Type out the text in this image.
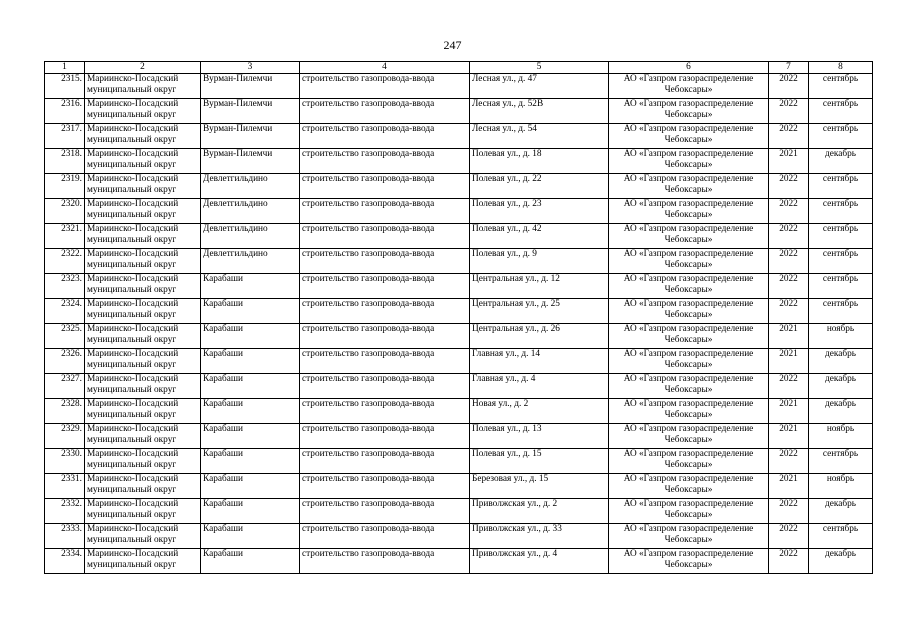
247
1	2	3	4	5	6	7	8
2315.	Мариинско-Посадский муниципальный округ	Вурман-Пилемчи	строительство газопровода-ввода	Лесная ул., д. 47	АО «Газпром газораспределение Чебоксары»	2022	сентябрь
2316.	Мариинско-Посадский муниципальный округ	Вурман-Пилемчи	строительство газопровода-ввода	Лесная ул., д. 52В	АО «Газпром газораспределение Чебоксары»	2022	сентябрь
2317.	Мариинско-Посадский муниципальный округ	Вурман-Пилемчи	строительство газопровода-ввода	Лесная ул., д. 54	АО «Газпром газораспределение Чебоксары»	2022	сентябрь
2318.	Мариинско-Посадский муниципальный округ	Вурман-Пилемчи	строительство газопровода-ввода	Полевая ул., д. 18	АО «Газпром газораспределение Чебоксары»	2021	декабрь
2319.	Мариинско-Посадский муниципальный округ	Девлетгильдино	строительство газопровода-ввода	Полевая ул., д. 22	АО «Газпром газораспределение Чебоксары»	2022	сентябрь
2320.	Мариинско-Посадский муниципальный округ	Девлетгильдино	строительство газопровода-ввода	Полевая ул., д. 23	АО «Газпром газораспределение Чебоксары»	2022	сентябрь
2321.	Мариинско-Посадский муниципальный округ	Девлетгильдино	строительство газопровода-ввода	Полевая ул., д. 42	АО «Газпром газораспределение Чебоксары»	2022	сентябрь
2322.	Мариинско-Посадский муниципальный округ	Девлетгильдино	строительство газопровода-ввода	Полевая ул., д. 9	АО «Газпром газораспределение Чебоксары»	2022	сентябрь
2323.	Мариинско-Посадский муниципальный округ	Карабаши	строительство газопровода-ввода	Центральная ул., д. 12	АО «Газпром газораспределение Чебоксары»	2022	сентябрь
2324.	Мариинско-Посадский муниципальный округ	Карабаши	строительство газопровода-ввода	Центральная ул., д. 25	АО «Газпром газораспределение Чебоксары»	2022	сентябрь
2325.	Мариинско-Посадский муниципальный округ	Карабаши	строительство газопровода-ввода	Центральная ул., д. 26	АО «Газпром газораспределение Чебоксары»	2021	ноябрь
2326.	Мариинско-Посадский муниципальный округ	Карабаши	строительство газопровода-ввода	Главная ул., д. 14	АО «Газпром газораспределение Чебоксары»	2021	декабрь
2327.	Мариинско-Посадский муниципальный округ	Карабаши	строительство газопровода-ввода	Главная ул., д. 4	АО «Газпром газораспределение Чебоксары»	2022	декабрь
2328.	Мариинско-Посадский муниципальный округ	Карабаши	строительство газопровода-ввода	Новая ул., д. 2	АО «Газпром газораспределение Чебоксары»	2021	декабрь
2329.	Мариинско-Посадский муниципальный округ	Карабаши	строительство газопровода-ввода	Полевая ул., д. 13	АО «Газпром газораспределение Чебоксары»	2021	ноябрь
2330.	Мариинско-Посадский муниципальный округ	Карабаши	строительство газопровода-ввода	Полевая ул., д. 15	АО «Газпром газораспределение Чебоксары»	2022	сентябрь
2331.	Мариинско-Посадский муниципальный округ	Карабаши	строительство газопровода-ввода	Березовая ул., д. 15	АО «Газпром газораспределение Чебоксары»	2021	ноябрь
2332.	Мариинско-Посадский муниципальный округ	Карабаши	строительство газопровода-ввода	Приволжская ул., д. 2	АО «Газпром газораспределение Чебоксары»	2022	декабрь
2333.	Мариинско-Посадский муниципальный округ	Карабаши	строительство газопровода-ввода	Приволжская ул., д. 33	АО «Газпром газораспределение Чебоксары»	2022	сентябрь
2334.	Мариинско-Посадский муниципальный округ	Карабаши	строительство газопровода-ввода	Приволжская ул., д. 4	АО «Газпром газораспределение Чебоксары»	2022	декабрь
